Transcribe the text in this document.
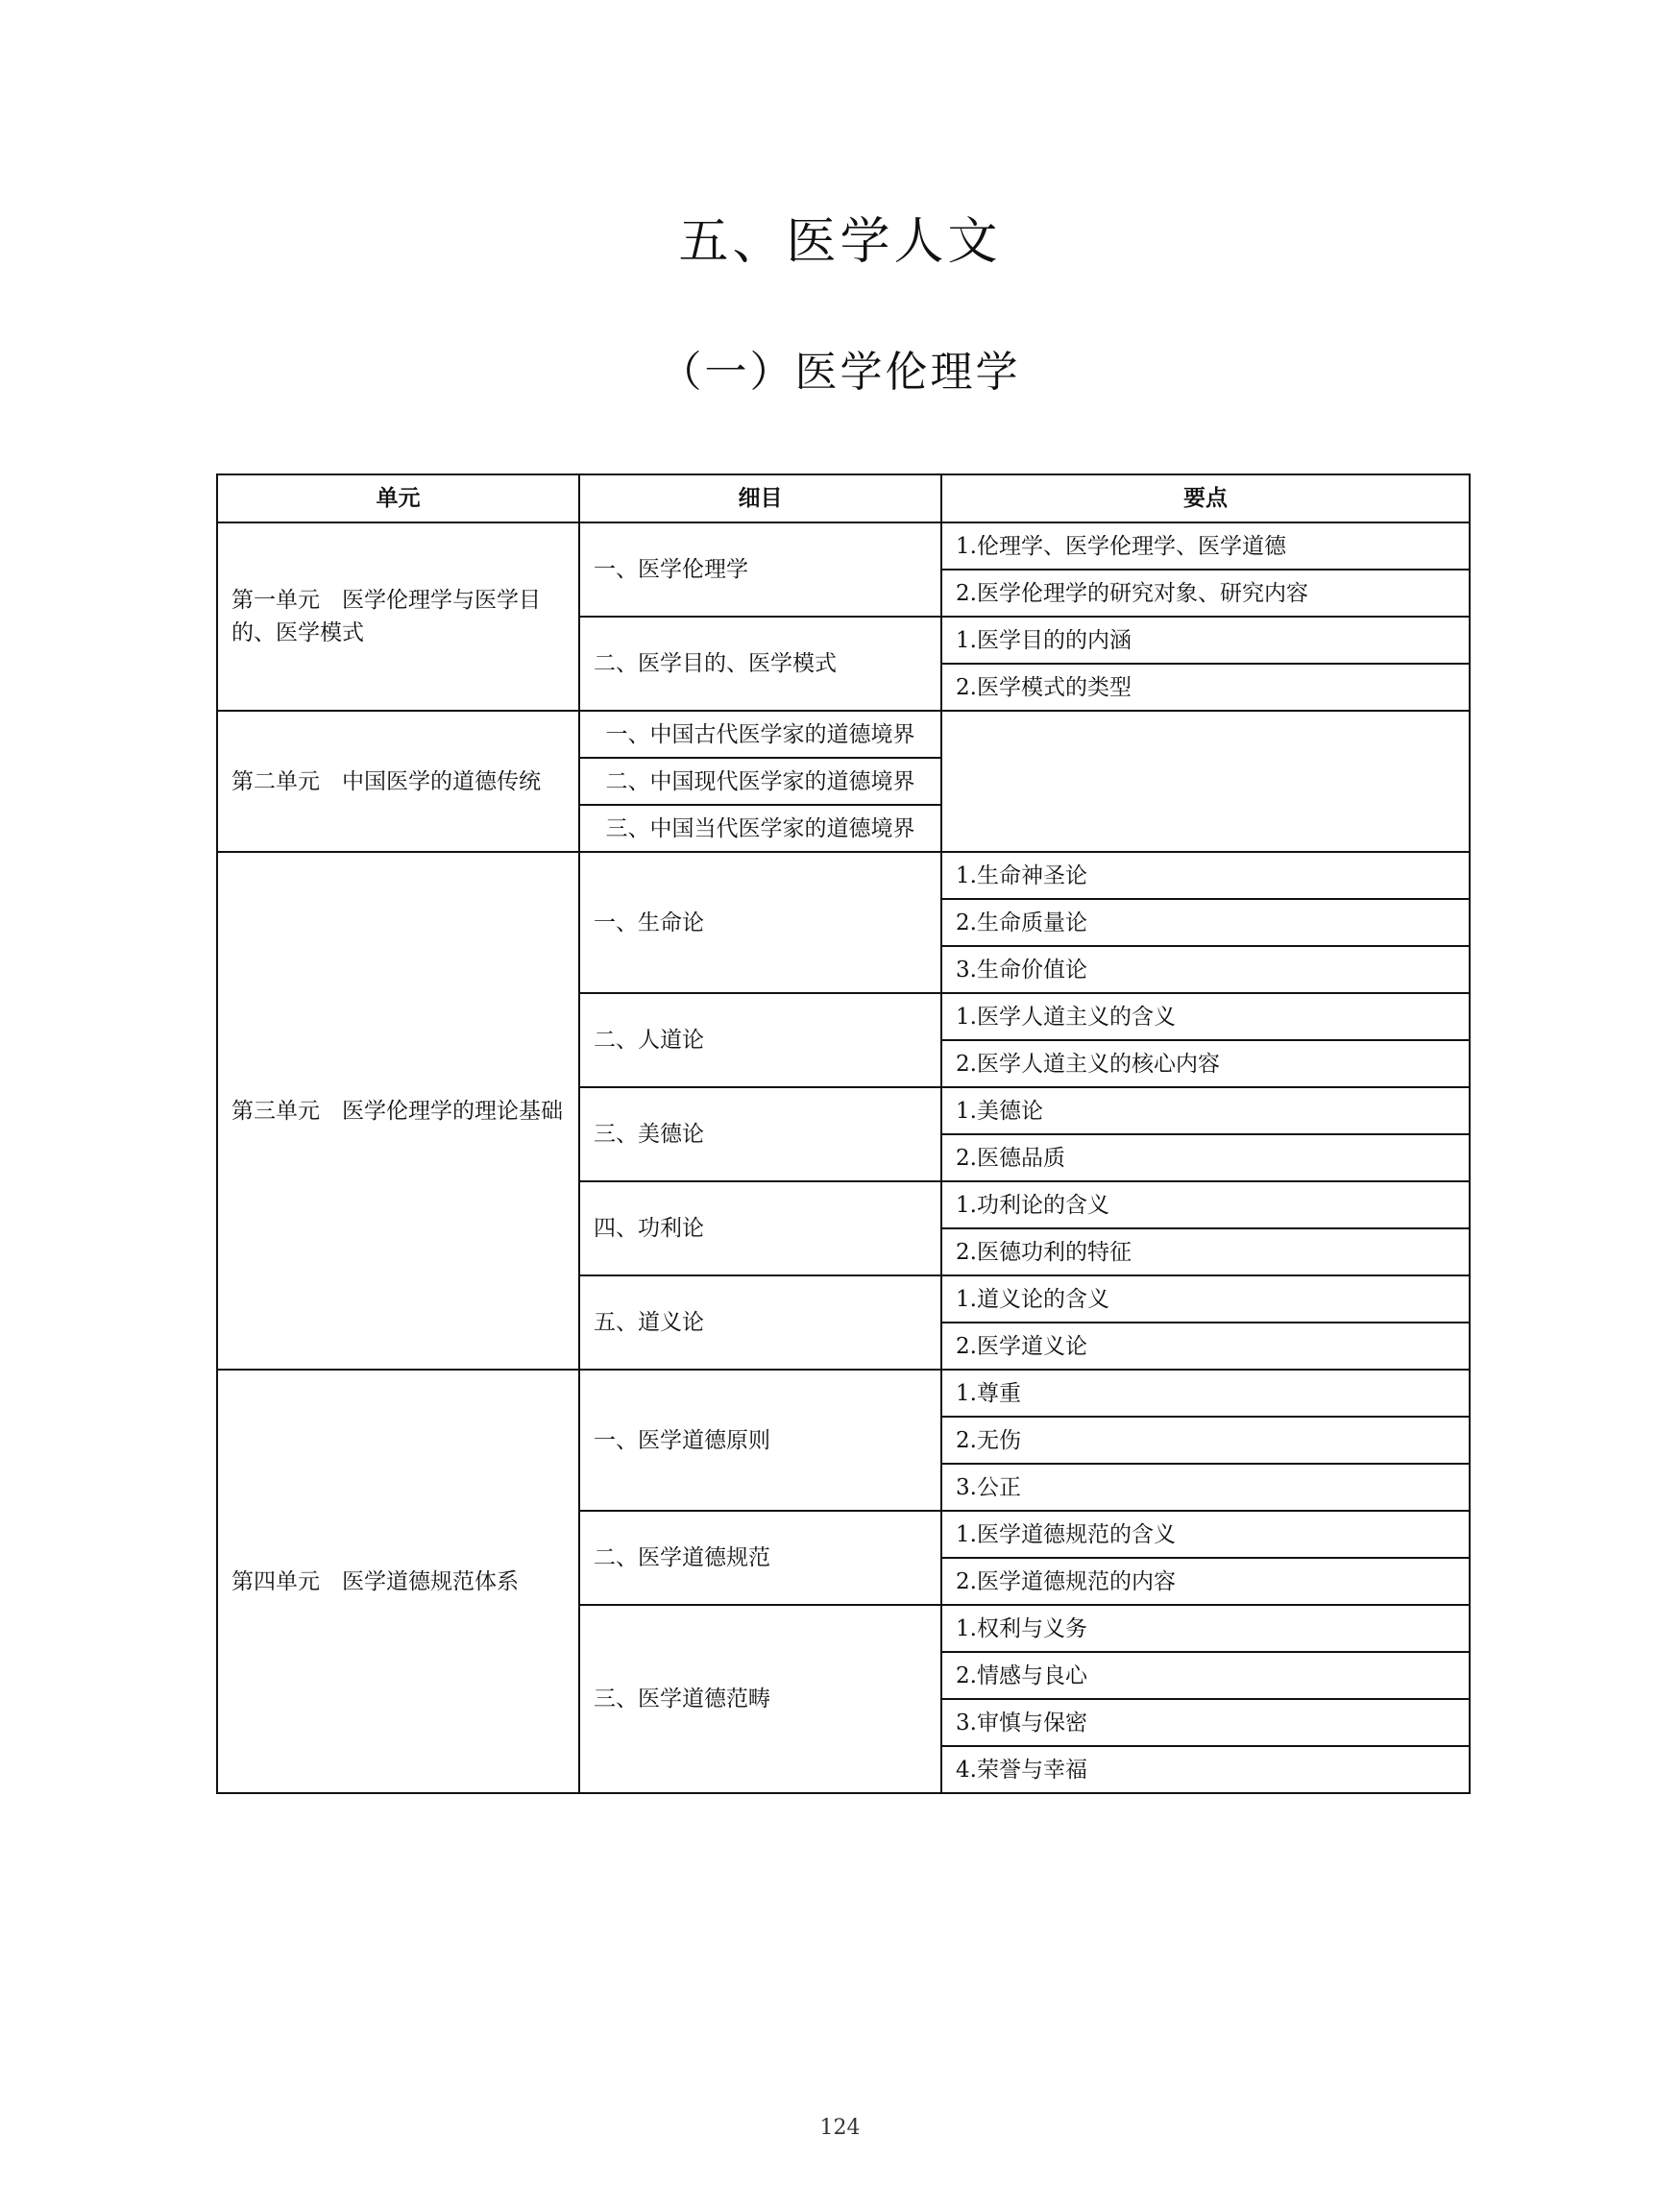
五、医学人文
（一）医学伦理学
单元	细目	要点
第一单元　医学伦理学与医学目的、医学模式	一、医学伦理学	1.伦理学、医学伦理学、医学道德
		2.医学伦理学的研究对象、研究内容
	二、医学目的、医学模式	1.医学目的的内涵
		2.医学模式的类型
第二单元　中国医学的道德传统	一、中国古代医学家的道德境界	
	二、中国现代医学家的道德境界	
	三、中国当代医学家的道德境界	
第三单元　医学伦理学的理论基础	一、生命论	1.生命神圣论
		2.生命质量论
		3.生命价值论
	二、人道论	1.医学人道主义的含义
		2.医学人道主义的核心内容
	三、美德论	1.美德论
		2.医德品质
	四、功利论	1.功利论的含义
		2.医德功利的特征
	五、道义论	1.道义论的含义
		2.医学道义论
第四单元　医学道德规范体系	一、医学道德原则	1.尊重
		2.无伤
		3.公正
	二、医学道德规范	1.医学道德规范的含义
		2.医学道德规范的内容
	三、医学道德范畴	1.权利与义务
		2.情感与良心
		3.审慎与保密
		4.荣誉与幸福
124
